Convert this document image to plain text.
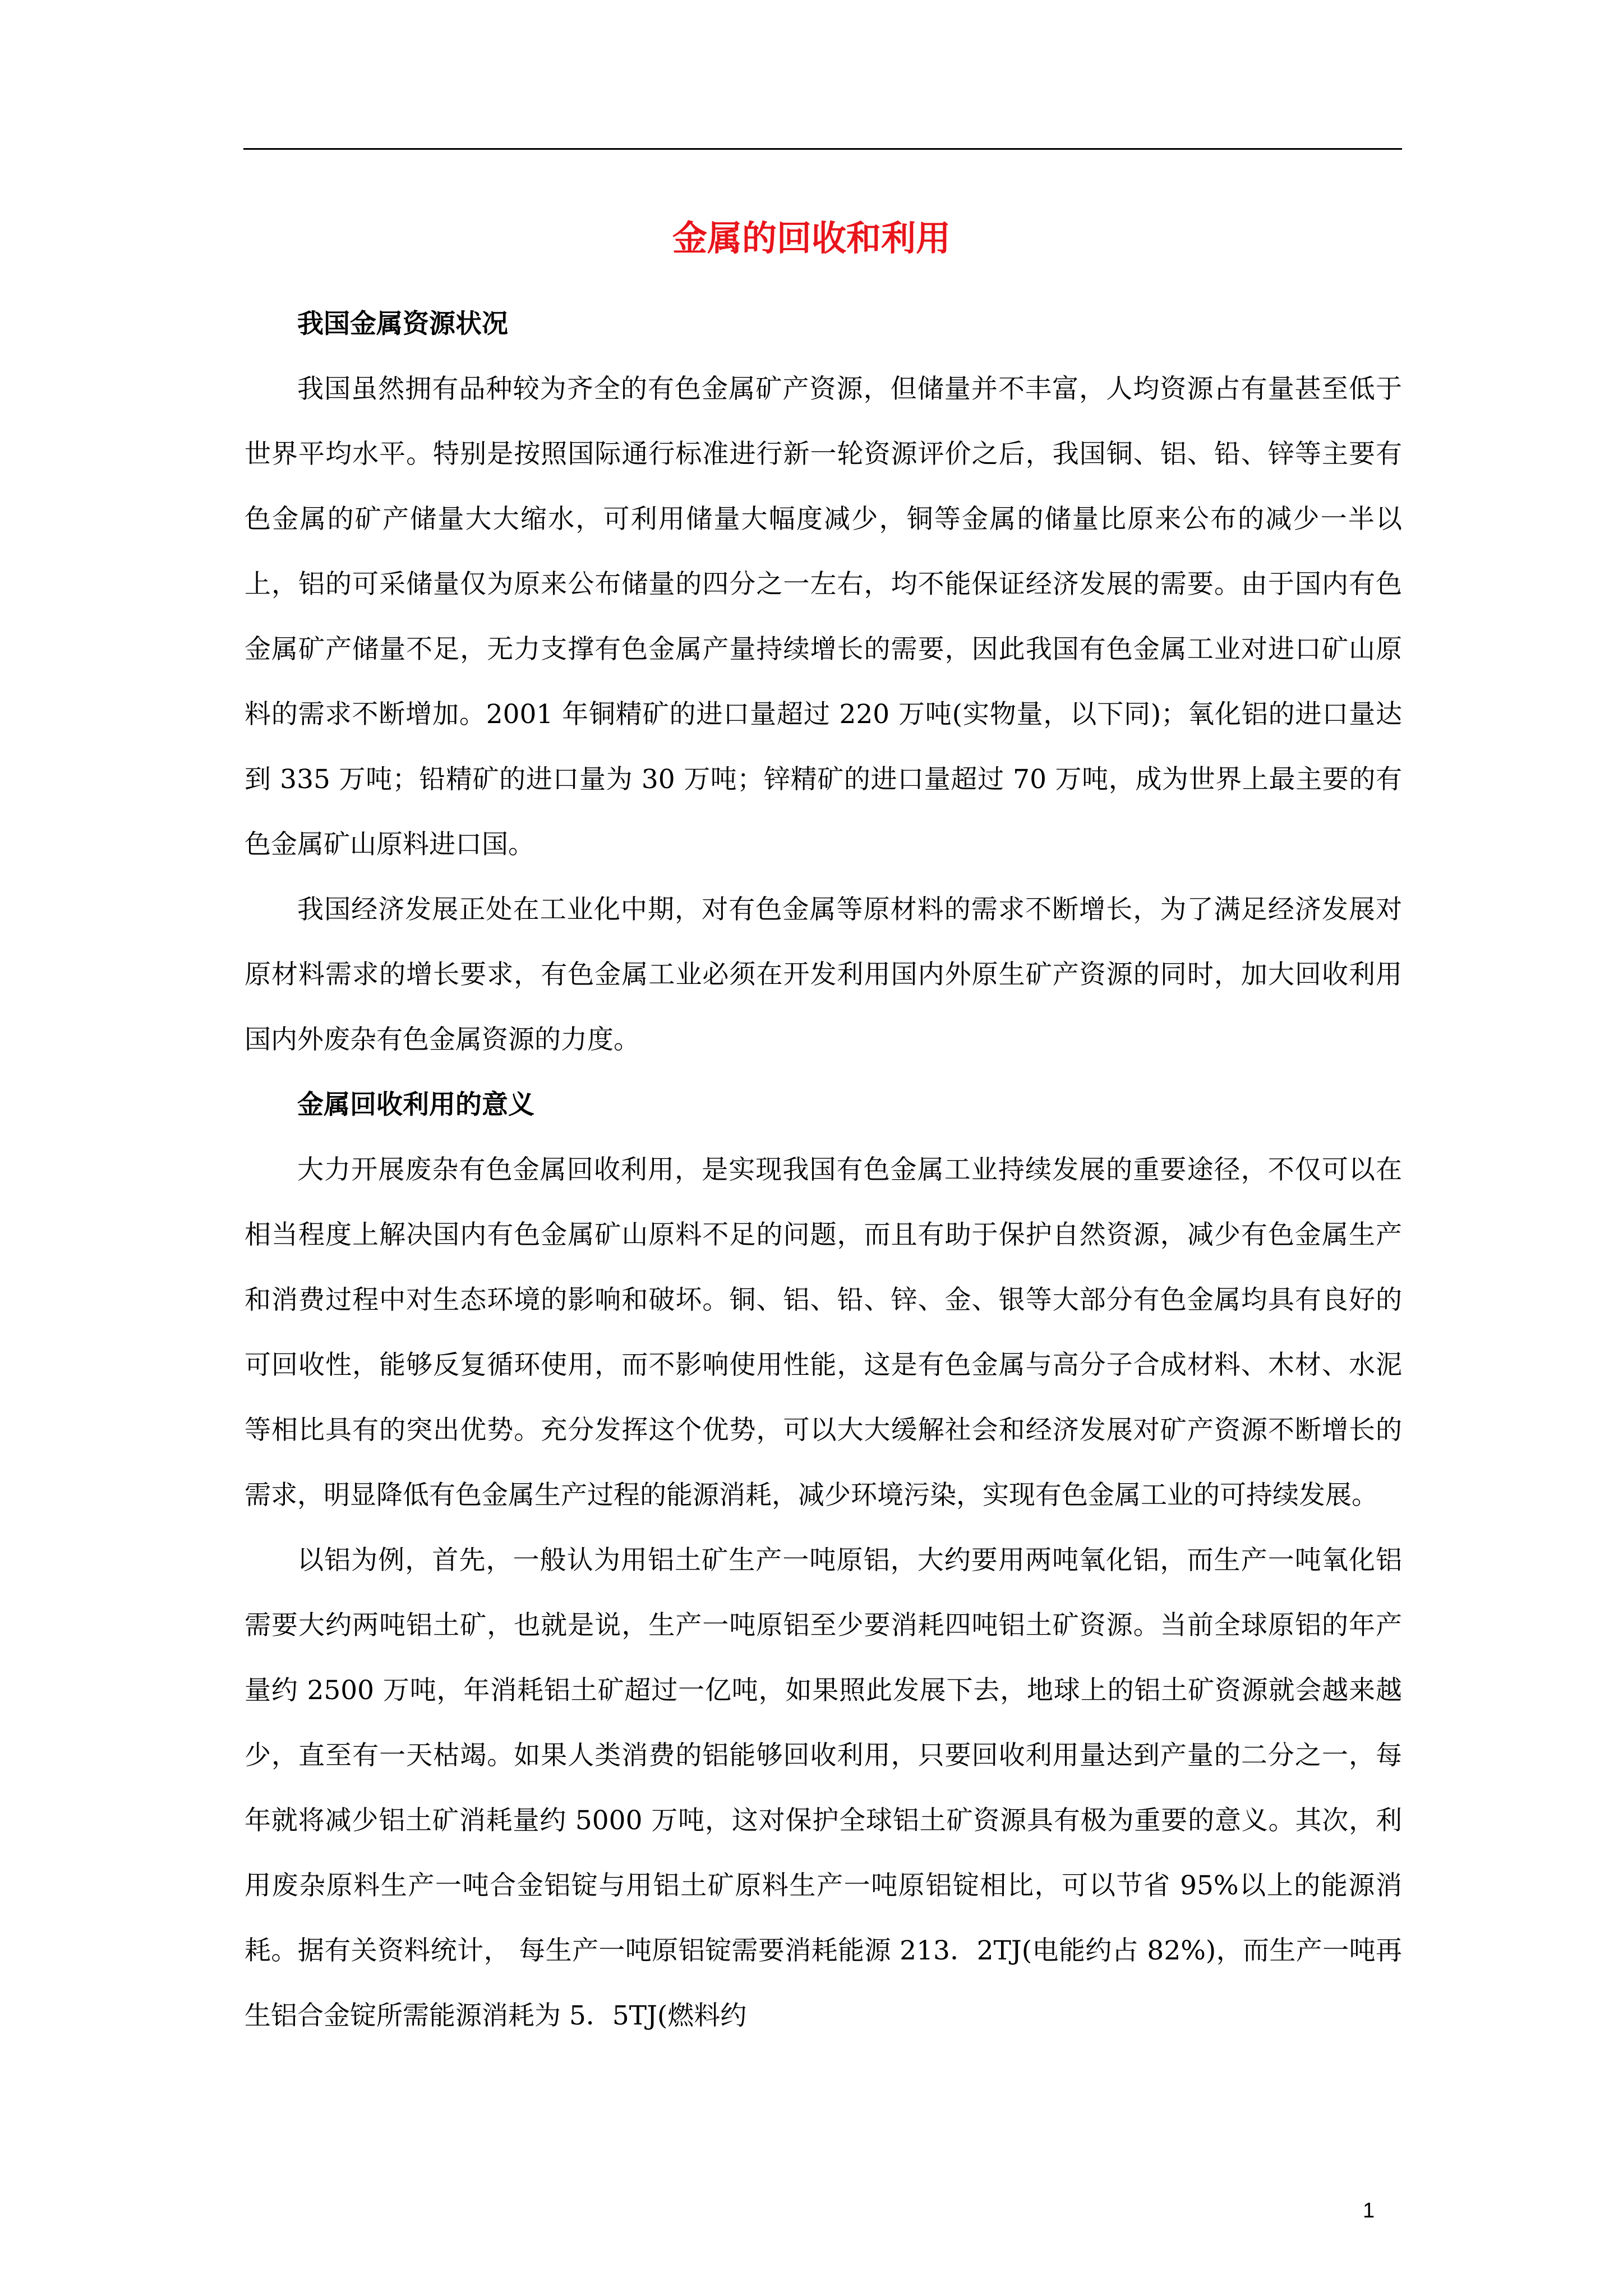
金属的回收和利用

我国金属资源状况

我国虽然拥有品种较为齐全的有色金属矿产资源，但储量并不丰富，人均资源占有量甚至低于世界平均水平。特别是按照国际通行标准进行新一轮资源评价之后，我国铜、铝、铅、锌等主要有色金属的矿产储量大大缩水，可利用储量大幅度减少，铜等金属的储量比原来公布的减少一半以上，铝的可采储量仅为原来公布储量的四分之一左右，均不能保证经济发展的需要。由于国内有色金属矿产储量不足，无力支撑有色金属产量持续增长的需要，因此我国有色金属工业对进口矿山原料的需求不断增加。2001 年铜精矿的进口量超过 220 万吨(实物量，以下同)；氧化铝的进口量达到 335 万吨；铅精矿的进口量为 30 万吨；锌精矿的进口量超过 70 万吨，成为世界上最主要的有色金属矿山原料进口国。

我国经济发展正处在工业化中期，对有色金属等原材料的需求不断增长，为了满足经济发展对原材料需求的增长要求，有色金属工业必须在开发利用国内外原生矿产资源的同时，加大回收利用国内外废杂有色金属资源的力度。

金属回收利用的意义

大力开展废杂有色金属回收利用，是实现我国有色金属工业持续发展的重要途径，不仅可以在相当程度上解决国内有色金属矿山原料不足的问题，而且有助于保护自然资源，减少有色金属生产和消费过程中对生态环境的影响和破坏。铜、铝、铅、锌、金、银等大部分有色金属均具有良好的可回收性，能够反复循环使用，而不影响使用性能，这是有色金属与高分子合成材料、木材、水泥等相比具有的突出优势。充分发挥这个优势，可以大大缓解社会和经济发展对矿产资源不断增长的需求，明显降低有色金属生产过程的能源消耗，减少环境污染，实现有色金属工业的可持续发展。

以铝为例，首先，一般认为用铝土矿生产一吨原铝，大约要用两吨氧化铝，而生产一吨氧化铝需要大约两吨铝土矿，也就是说，生产一吨原铝至少要消耗四吨铝土矿资源。当前全球原铝的年产量约 2500 万吨，年消耗铝土矿超过一亿吨，如果照此发展下去，地球上的铝土矿资源就会越来越少，直至有一天枯竭。如果人类消费的铝能够回收利用，只要回收利用量达到产量的二分之一，每年就将减少铝土矿消耗量约 5000 万吨，这对保护全球铝土矿资源具有极为重要的意义。其次，利用废杂原料生产一吨合金铝锭与用铝土矿原料生产一吨原铝锭相比，可以节省 95%以上的能源消耗。据有关资料统计， 每生产一吨原铝锭需要消耗能源 213．2TJ(电能约占 82%)，而生产一吨再生铝合金锭所需能源消耗为 5．5TJ(燃料约

1
